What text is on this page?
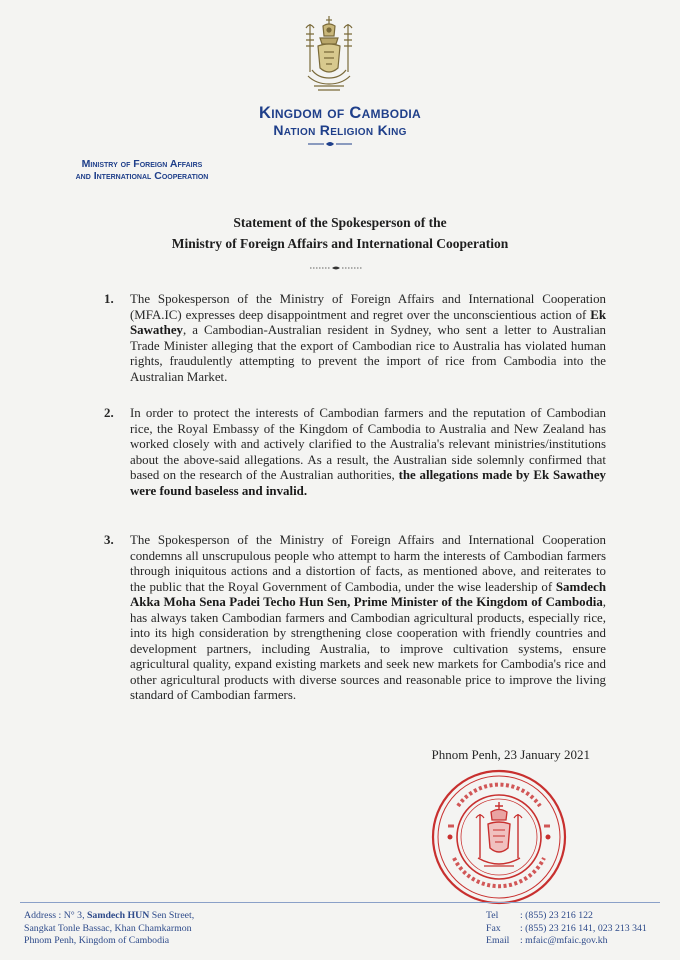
Kingdom of Cambodia
Nation Religion King
Ministry of Foreign Affairs
and International Cooperation
Statement of the Spokesperson of the
Ministry of Foreign Affairs and International Cooperation
1.	The Spokesperson of the Ministry of Foreign Affairs and International Cooperation (MFA.IC) expresses deep disappointment and regret over the unconscientious action of Ek Sawathey, a Cambodian-Australian resident in Sydney, who sent a letter to Australian Trade Minister alleging that the export of Cambodian rice to Australia has violated human rights, fraudulently attempting to prevent the import of rice from Cambodia into the Australian Market.
2.	In order to protect the interests of Cambodian farmers and the reputation of Cambodian rice, the Royal Embassy of the Kingdom of Cambodia to Australia and New Zealand has worked closely with and actively clarified to the Australia's relevant ministries/institutions about the above-said allegations. As a result, the Australian side solemnly confirmed that based on the research of the Australian authorities, the allegations made by Ek Sawathey were found baseless and invalid.
3.	The Spokesperson of the Ministry of Foreign Affairs and International Cooperation condemns all unscrupulous people who attempt to harm the interests of Cambodian farmers through iniquitous actions and a distortion of facts, as mentioned above, and reiterates to the public that the Royal Government of Cambodia, under the wise leadership of Samdech Akka Moha Sena Padei Techo Hun Sen, Prime Minister of the Kingdom of Cambodia, has always taken Cambodian farmers and Cambodian agricultural products, especially rice, into its high consideration by strengthening close cooperation with friendly countries and development partners, including Australia, to improve cultivation systems, ensure agricultural quality, expand existing markets and seek new markets for Cambodia's rice and other agricultural products with diverse sources and reasonable price to improve the living standard of Cambodian farmers.
Phnom Penh, 23 January 2021
Address : N° 3, Samdech HUN Sen Street,
Sangkat Tonle Bassac, Khan Chamkarmon
Phnom Penh, Kingdom of Cambodia
Tel : (855) 23 216 122
Fax : (855) 23 216 141, 023 213 341
Email : mfaic@mfaic.gov.kh
